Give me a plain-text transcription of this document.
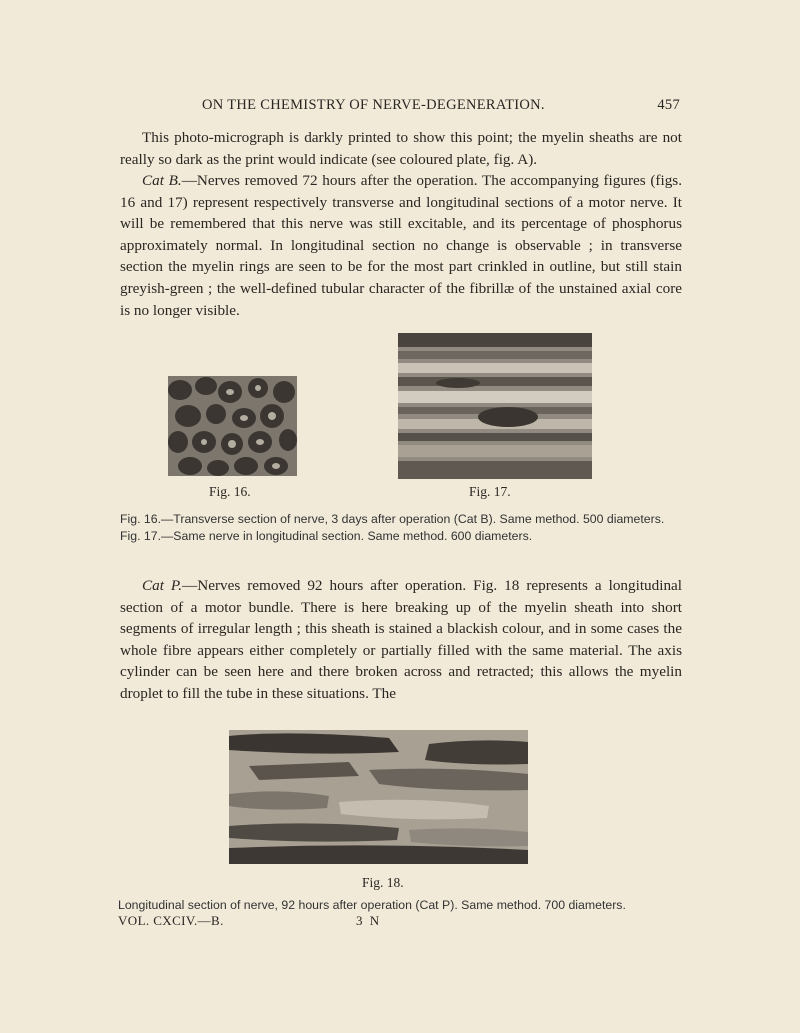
ON THE CHEMISTRY OF NERVE-DEGENERATION.	457

This photo-micrograph is darkly printed to show this point; the myelin sheaths are not really so dark as the print would indicate (see coloured plate, fig. A).

Cat B.—Nerves removed 72 hours after the operation. The accompanying figures (figs. 16 and 17) represent respectively transverse and longitudinal sections of a motor nerve. It will be remembered that this nerve was still excitable, and its percentage of phosphorus approximately normal. In longitudinal section no change is observable ; in transverse section the myelin rings are seen to be for the most part crinkled in outline, but still stain greyish-green ; the well-defined tubular character of the fibrillæ of the unstained axial core is no longer visible.

Fig. 16.	Fig. 17.
Fig. 16.—Transverse section of nerve, 3 days after operation (Cat B). Same method. 500 diameters.
Fig. 17.—Same nerve in longitudinal section. Same method. 600 diameters.

Cat P.—Nerves removed 92 hours after operation. Fig. 18 represents a longitudinal section of a motor bundle. There is here breaking up of the myelin sheath into short segments of irregular length ; this sheath is stained a blackish colour, and in some cases the whole fibre appears either completely or partially filled with the same material. The axis cylinder can be seen here and there broken across and retracted; this allows the myelin droplet to fill the tube in these situations. The

Fig. 18.
Longitudinal section of nerve, 92 hours after operation (Cat P). Same method. 700 diameters.
VOL. CXCIV.—B.	3 N
